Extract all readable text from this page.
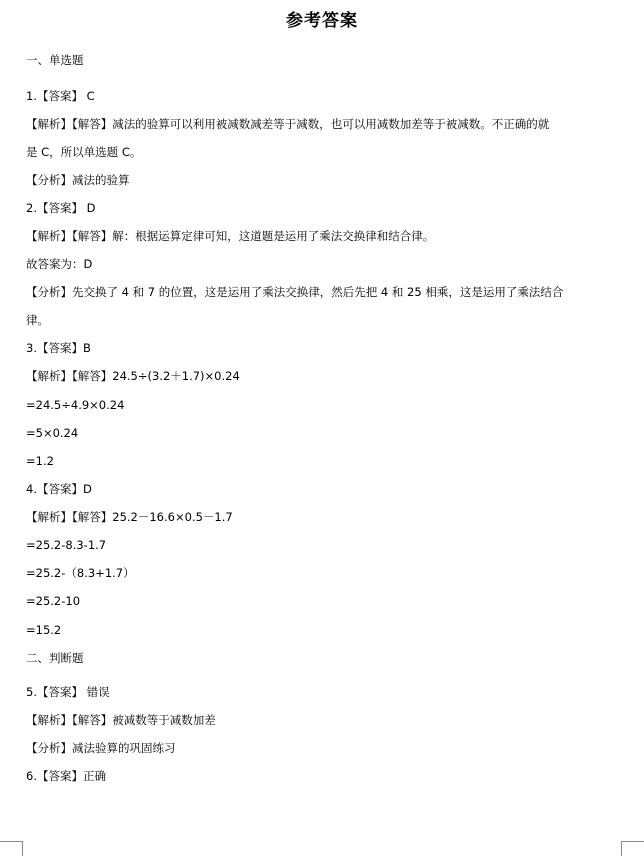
参考答案
一、单选题
1.【答案】 C
【解析】【解答】减法的验算可以利用被减数减差等于减数，也可以用减数加差等于被减数。不正确的就
是 C，所以单选题 C。
【分析】减法的验算
2.【答案】 D
【解析】【解答】解：根据运算定律可知，这道题是运用了乘法交换律和结合律。
故答案为：D
【分析】先交换了 4 和 7 的位置，这是运用了乘法交换律，然后先把 4 和 25 相乘，这是运用了乘法结合
律。
3.【答案】B
【解析】【解答】24.5÷(3.2＋1.7)×0.24
=24.5÷4.9×0.24
=5×0.24
=1.2
4.【答案】D
【解析】【解答】25.2－16.6×0.5－1.7
=25.2-8.3-1.7
=25.2-（8.3+1.7）
=25.2-10
=15.2
二、判断题
5.【答案】 错误
【解析】【解答】被减数等于减数加差
【分析】减法验算的巩固练习
6.【答案】正确
